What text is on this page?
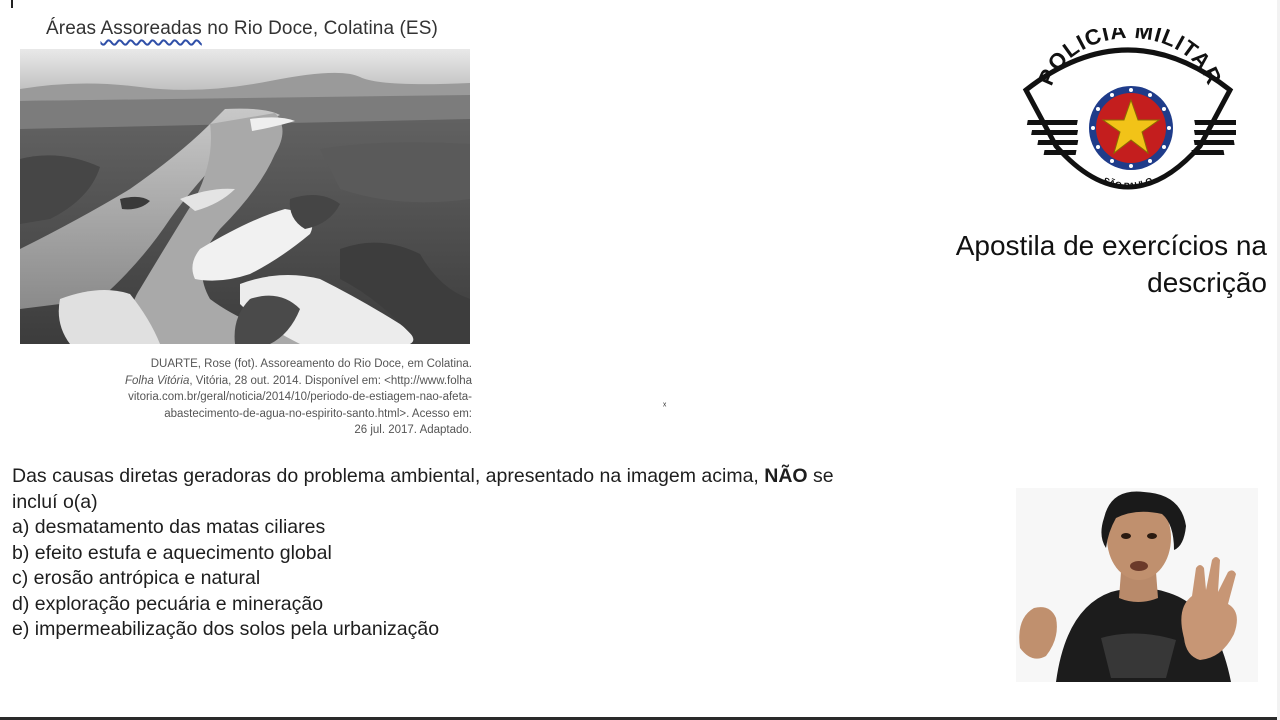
Áreas Assoreadas no Rio Doce, Colatina (ES)
DUARTE, Rose (fot). Assoreamento do Rio Doce, em Colatina.
Folha Vitória, Vitória, 28 out. 2014. Disponível em: <http://www.folha
vitoria.com.br/geral/noticia/2014/10/periodo-de-estiagem-nao-afeta-
abastecimento-de-agua-no-espirito-santo.html>. Acesso em:
26 jul. 2017. Adaptado.
ˣ
Das causas diretas geradoras do problema ambiental, apresentado na imagem acima, NÃO se
incluí o(a)
a) desmatamento das matas ciliares
b) efeito estufa e aquecimento global
c) erosão antrópica e natural
d) exploração pecuária e mineração
e) impermeabilização dos solos pela urbanização
POLICIA MILITAR
SÃO PAULO
Apostila de exercícios na
descrição
